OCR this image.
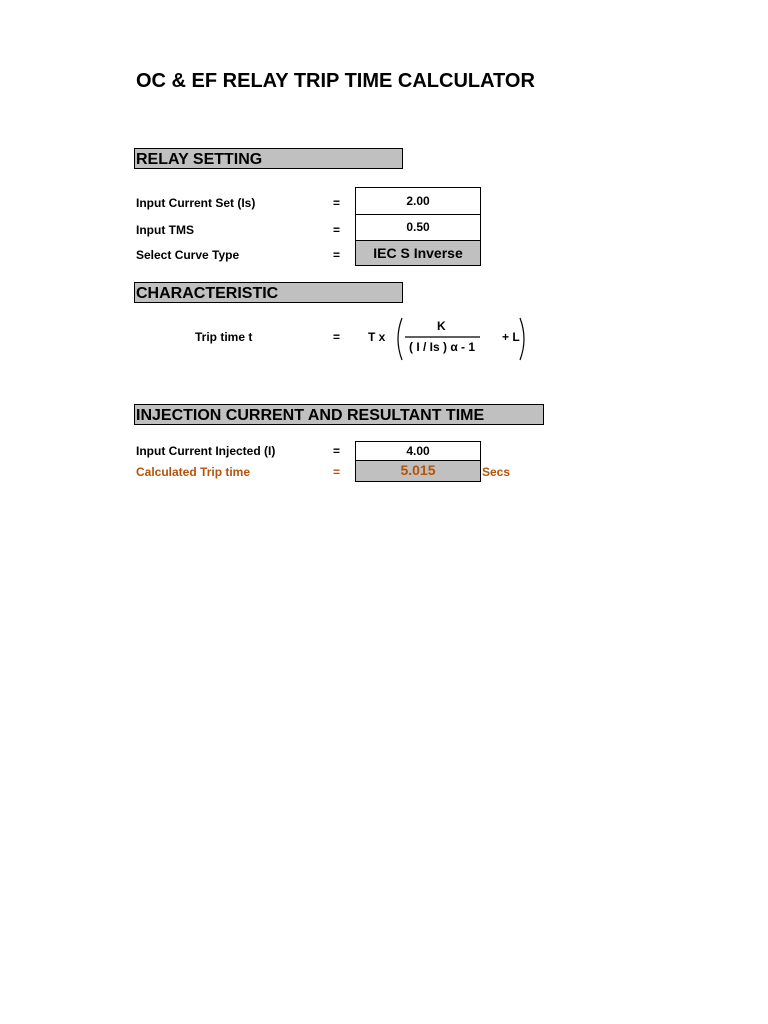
OC & EF RELAY TRIP TIME CALCULATOR
RELAY SETTING
Input Current Set (Is)	=	2.00
Input TMS	=	0.50
Select Curve Type	=	IEC S Inverse
CHARACTERISTIC
Trip time t	= T x
K
( I / Is ) α - 1
+ L
INJECTION CURRENT AND RESULTANT TIME
Input Current Injected (I)	=	4.00
Calculated Trip time	=	5.015	Secs
